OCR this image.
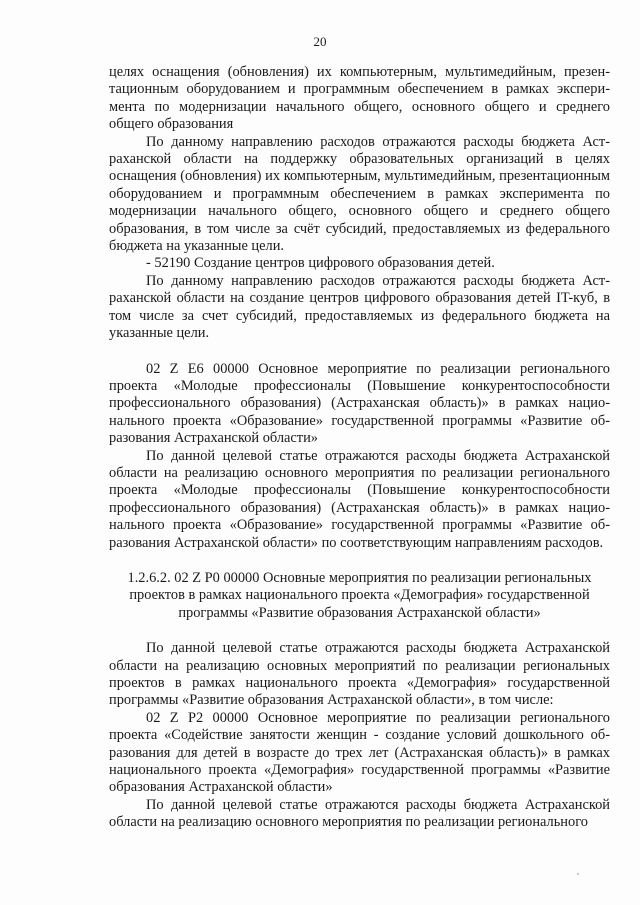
20

целях оснащения (обновления) их компьютерным, мультимедийным, презентационным оборудованием и программным обеспечением в рамках эксперимента по модернизации начального общего, основного общего и среднего общего образования

По данному направлению расходов отражаются расходы бюджета Астраханской области на поддержку образовательных организаций в целях оснащения (обновления) их компьютерным, мультимедийным, презентационным оборудованием и программным обеспечением в рамках эксперимента по модернизации начального общего, основного общего и среднего общего образования, в том числе за счёт субсидий, предоставляемых из федерального бюджета на указанные цели.

- 52190 Создание центров цифрового образования детей.

По данному направлению расходов отражаются расходы бюджета Астраханской области на создание центров цифрового образования детей IT-куб, в том числе за счет субсидий, предоставляемых из федерального бюджета на указанные цели.

02 Z E6 00000 Основное мероприятие по реализации регионального проекта «Молодые профессионалы (Повышение конкурентоспособности профессионального образования) (Астраханская область)» в рамках национального проекта «Образование» государственной программы «Развитие образования Астраханской области»

По данной целевой статье отражаются расходы бюджета Астраханской области на реализацию основного мероприятия по реализации регионального проекта «Молодые профессионалы (Повышение конкурентоспособности профессионального образования) (Астраханская область)» в рамках национального проекта «Образование» государственной программы «Развитие образования Астраханской области» по соответствующим направлениям расходов.

1.2.6.2. 02 Z P0 00000 Основные мероприятия по реализации региональных
проектов в рамках национального проекта «Демография» государственной
программы «Развитие образования Астраханской области»

По данной целевой статье отражаются расходы бюджета Астраханской области на реализацию основных мероприятий по реализации региональных проектов в рамках национального проекта «Демография» государственной программы «Развитие образования Астраханской области», в том числе:

02 Z P2 00000 Основное мероприятие по реализации регионального проекта «Содействие занятости женщин - создание условий дошкольного образования для детей в возрасте до трех лет (Астраханская область)» в рамках национального проекта «Демография» государственной программы «Развитие образования Астраханской области»

По данной целевой статье отражаются расходы бюджета Астраханской области на реализацию основного мероприятия по реализации регионального
